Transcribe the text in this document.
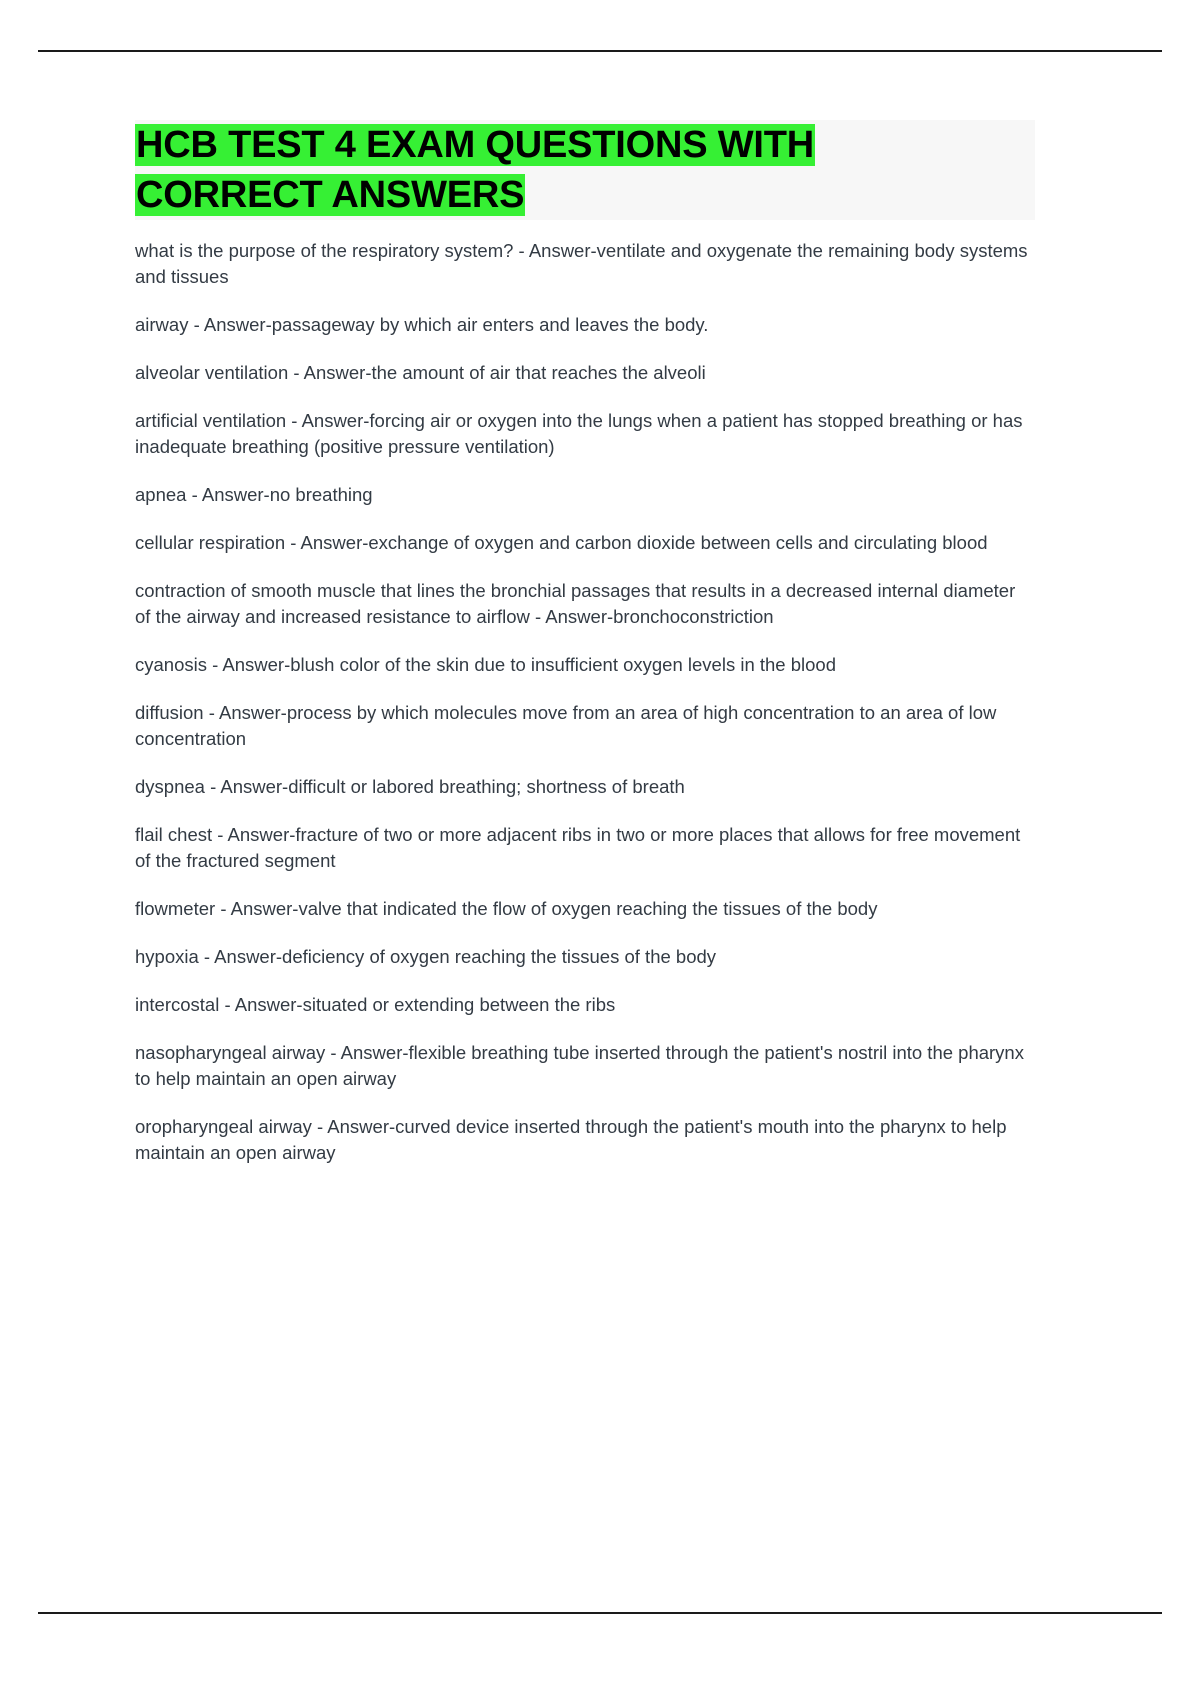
HCB TEST 4 EXAM QUESTIONS WITH
CORRECT ANSWERS

what is the purpose of the respiratory system? - Answer-ventilate and oxygenate the remaining body systems and tissues

airway - Answer-passageway by which air enters and leaves the body.

alveolar ventilation - Answer-the amount of air that reaches the alveoli

artificial ventilation - Answer-forcing air or oxygen into the lungs when a patient has stopped breathing or has inadequate breathing (positive pressure ventilation)

apnea - Answer-no breathing

cellular respiration - Answer-exchange of oxygen and carbon dioxide between cells and circulating blood

contraction of smooth muscle that lines the bronchial passages that results in a decreased internal diameter of the airway and increased resistance to airflow - Answer-bronchoconstriction

cyanosis - Answer-blush color of the skin due to insufficient oxygen levels in the blood

diffusion - Answer-process by which molecules move from an area of high concentration to an area of low concentration

dyspnea - Answer-difficult or labored breathing; shortness of breath

flail chest - Answer-fracture of two or more adjacent ribs in two or more places that allows for free movement of the fractured segment

flowmeter - Answer-valve that indicated the flow of oxygen reaching the tissues of the body

hypoxia - Answer-deficiency of oxygen reaching the tissues of the body

intercostal - Answer-situated or extending between the ribs

nasopharyngeal airway - Answer-flexible breathing tube inserted through the patient's nostril into the pharynx to help maintain an open airway

oropharyngeal airway - Answer-curved device inserted through the patient's mouth into the pharynx to help maintain an open airway
